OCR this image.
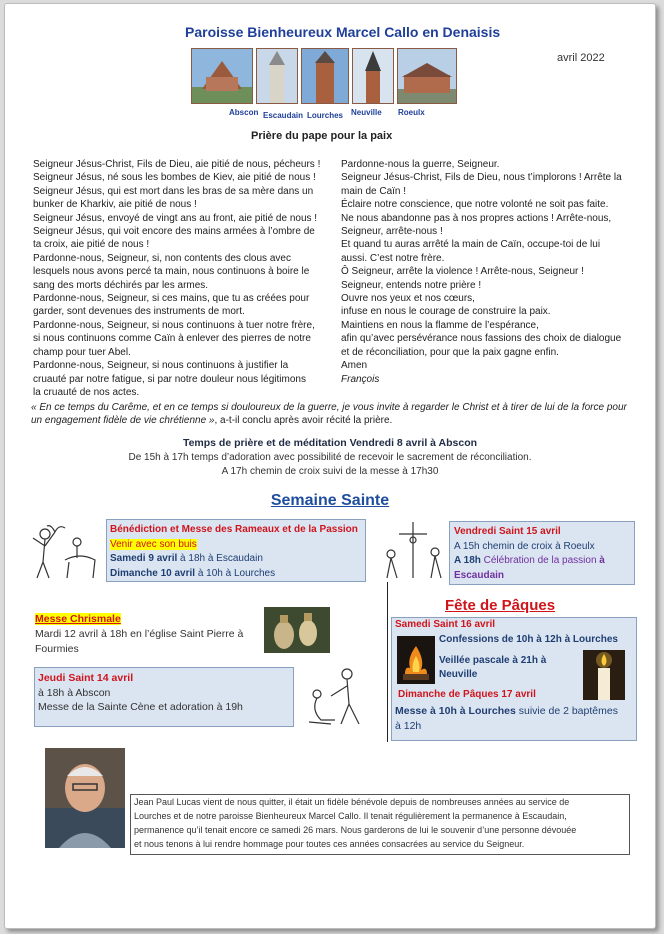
Paroisse Bienheureux Marcel Callo en Denaisis
avril 2022
Abscon Escaudain Lourches Neuville Roeulx
Prière du pape pour la paix

Seigneur Jésus-Christ, Fils de Dieu, aie pitié de nous, pécheurs !

Seigneur Jésus, né sous les bombes de Kiev, aie pitié de nous !

Seigneur Jésus, qui est mort dans les bras de sa mère dans un

bunker de Kharkiv, aie pitié de nous !

Seigneur Jésus, envoyé de vingt ans au front, aie pitié de nous !

Seigneur Jésus, qui voit encore des mains armées à l’ombre de

ta croix, aie pitié de nous !

Pardonne-nous, Seigneur, si, non contents des clous avec

lesquels nous avons percé ta main, nous continuons à boire le

sang des morts déchirés par les armes.

Pardonne-nous, Seigneur, si ces mains, que tu as créées pour

garder, sont devenues des instruments de mort.

Pardonne-nous, Seigneur, si nous continuons à tuer notre frère,

si nous continuons comme Caïn à enlever des pierres de notre

champ pour tuer Abel.

Pardonne-nous, Seigneur, si nous continuons à justifier la

cruauté par notre fatigue, si par notre douleur nous légitimons

la cruauté de nos actes.

Pardonne-nous la guerre, Seigneur.

Seigneur Jésus-Christ, Fils de Dieu, nous t’implorons ! Arrête la

main de Caïn !

Éclaire notre conscience, que notre volonté ne soit pas faite.

Ne nous abandonne pas à nos propres actions ! Arrête-nous,

Seigneur, arrête-nous !

Et quand tu auras arrêté la main de Caïn, occupe-toi de lui

aussi. C’est notre frère.

Ô Seigneur, arrête la violence ! Arrête-nous, Seigneur !

Seigneur, entends notre prière !

Ouvre nos yeux et nos cœurs,

infuse en nous le courage de construire la paix.

Maintiens en nous la flamme de l’espérance,

afin qu’avec persévérance nous fassions des choix de dialogue

et de réconciliation, pour que la paix gagne enfin.

Amen

François

« En ce temps du Carême, et en ce temps si douloureux de la guerre, je vous invite à regarder le Christ et à tirer de lui de la force pour
un engagement fidèle de vie chrétienne », a-t-il conclu après avoir récité la prière.
Temps de prière et de méditation Vendredi 8 avril à Abscon
De 15h à 17h temps d’adoration avec possibilité de recevoir le sacrement de réconciliation.
A 17h chemin de croix suivi de la messe à 17h30
Semaine Sainte
Bénédiction et Messe des Rameaux et de la Passion
Venir avec son buis
Samedi 9 avril à 18h à Escaudain
Dimanche 10 avril à 10h à Lourches
Vendredi Saint 15 avril
A 15h chemin de croix à Roeulx
A 18h Célébration de la passion à Escaudain
Messe Chrismale
Mardi 12 avril à 18h en l’église Saint Pierre à
Fourmies
Jeudi Saint 14 avril
à 18h à Abscon
Messe de la Sainte Cène et adoration à 19h
Fête de Pâques
Samedi Saint 16 avril
Confessions de 10h à 12h à Lourches
Veillée pascale à 21h à
Neuville
Dimanche de Pâques 17 avril
Messe à 10h à Lourches suivie de 2 baptêmes
à 12h
Jean Paul Lucas vient de nous quitter, il était un fidèle bénévole depuis de nombreuses années au service de
Lourches et de notre paroisse Bienheureux Marcel Callo. Il tenait régulièrement la permanence à Escaudain,
permanence qu’il tenait encore ce samedi 26 mars. Nous garderons de lui le souvenir d’une personne dévouée
et nous tenons à lui rendre hommage pour toutes ces années consacrées au service du Seigneur.
